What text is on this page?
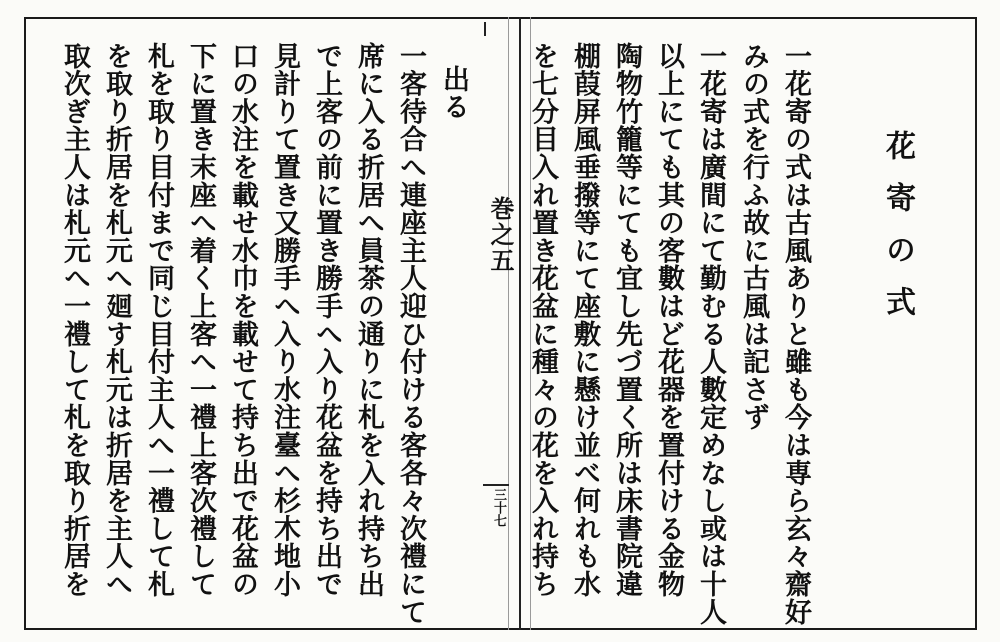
花寄の式
一花寄の式は古風ありと雖も今は専ら玄々齋好
みの式を行ふ故に古風は記さず
一花寄は廣間にて勤むる人數定めなし或は十人
以上にても其の客數はど花器を置付ける金物
陶物竹籠等にても宜し先づ置く所は床書院違
棚葭屏風垂撥等にて座敷に懸け並べ何れも水
を七分目入れ置き花盆に種々の花を入れ持ち
巻之五
三十七
出る
一客待合へ連座主人迎ひ付ける客各々次禮にて
席に入る折居へ員茶の通りに札を入れ持ち出
で上客の前に置き勝手へ入り花盆を持ち出で
見計りて置き又勝手へ入り水注臺へ杉木地小
口の水注を載せ水巾を載せて持ち出で花盆の
下に置き末座へ着く上客へ一禮上客次禮して
札を取り目付まで同じ目付主人へ一禮して札
を取り折居を札元へ廻す札元は折居を主人へ
取次ぎ主人は札元へ一禮して札を取り折居を
